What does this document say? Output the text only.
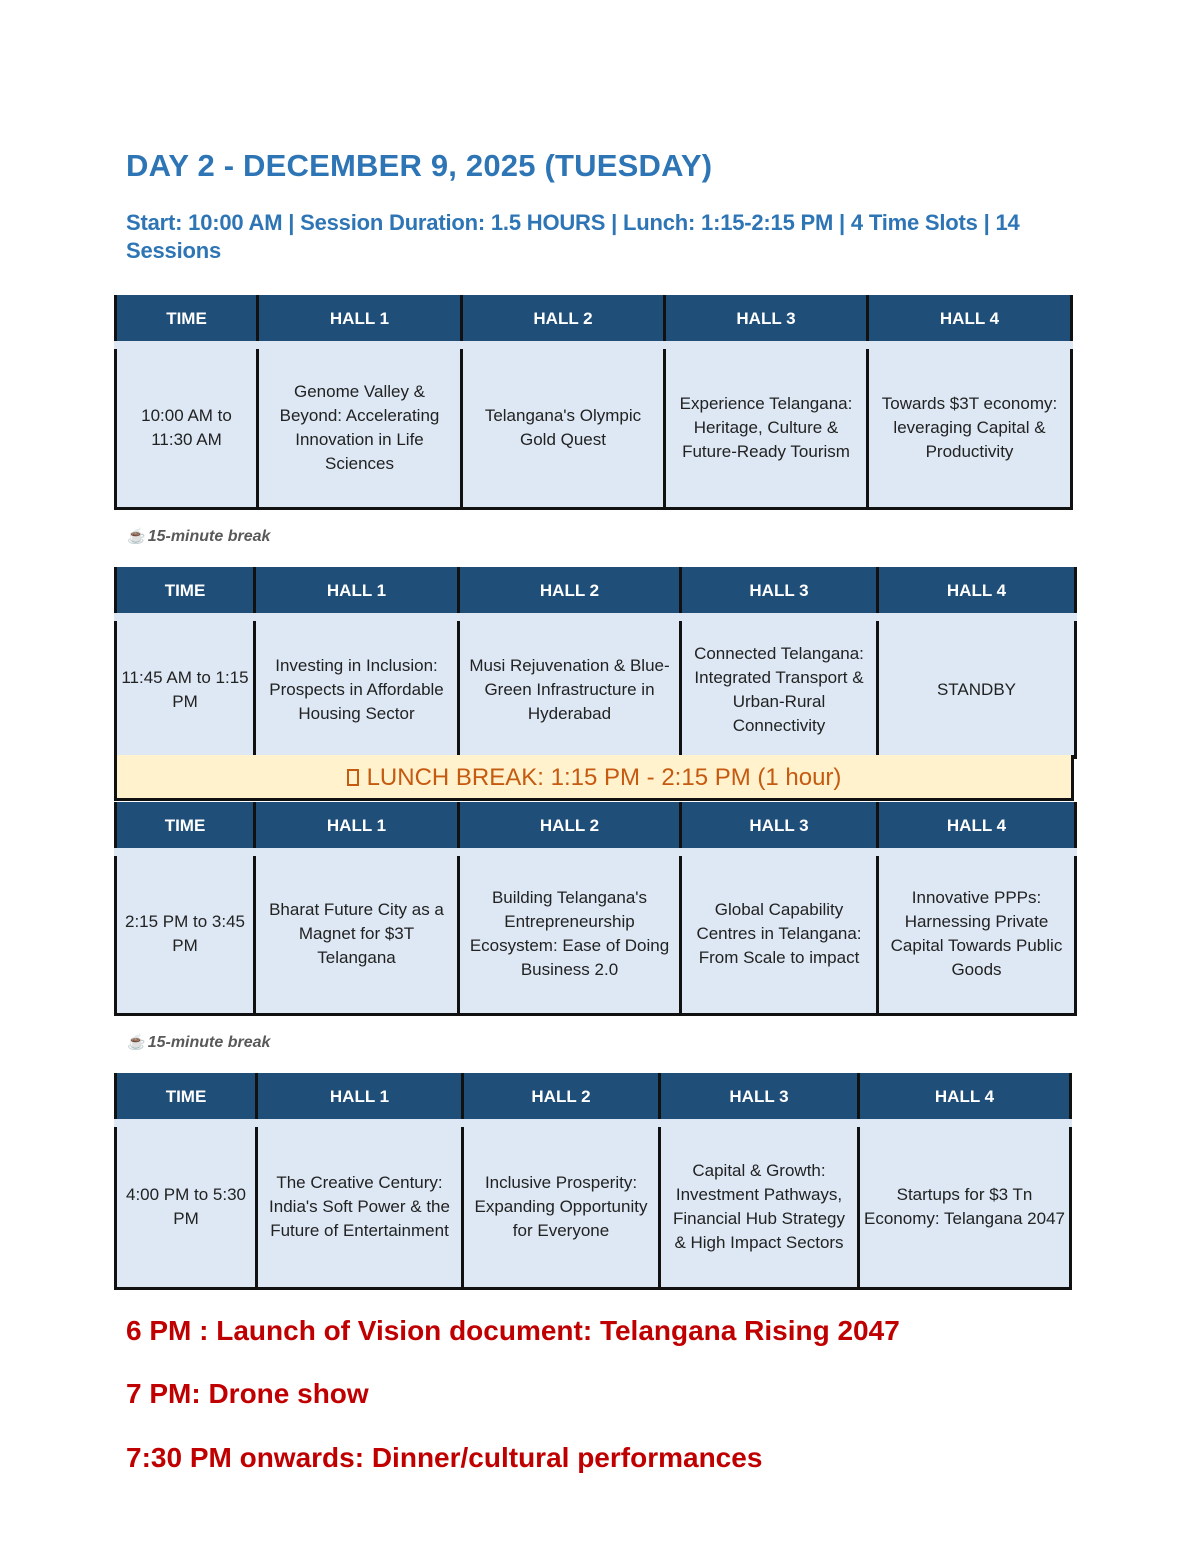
DAY 2 - DECEMBER 9, 2025 (TUESDAY)

Start: 10:00 AM | Session Duration: 1.5 HOURS | Lunch: 1:15-2:15 PM | 4 Time Slots | 14 Sessions

TIME	HALL 1	HALL 2	HALL 3	HALL 4
10:00 AM to 11:30 AM	Genome Valley & Beyond: Accelerating Innovation in Life Sciences	Telangana's Olympic Gold Quest	Experience Telangana: Heritage, Culture & Future-Ready Tourism	Towards $3T economy: leveraging Capital & Productivity
☕ 15-minute break
TIME	HALL 1	HALL 2	HALL 3	HALL 4
11:45 AM to 1:15 PM	Investing in Inclusion: Prospects in Affordable Housing Sector	Musi Rejuvenation & Blue-Green Infrastructure in Hyderabad	Connected Telangana: Integrated Transport & Urban-Rural Connectivity	STANDBY
LUNCH BREAK: 1:15 PM - 2:15 PM (1 hour)
TIME	HALL 1	HALL 2	HALL 3	HALL 4
2:15 PM to 3:45 PM	Bharat Future City as a Magnet for $3T Telangana	Building Telangana's Entrepreneurship Ecosystem: Ease of Doing Business 2.0	Global Capability Centres in Telangana: From Scale to impact	Innovative PPPs: Harnessing Private Capital Towards Public Goods
☕ 15-minute break
TIME	HALL 1	HALL 2	HALL 3	HALL 4
4:00 PM to 5:30 PM	The Creative Century: India's Soft Power & the Future of Entertainment	Inclusive Prosperity: Expanding Opportunity for Everyone	Capital & Growth: Investment Pathways, Financial Hub Strategy & High Impact Sectors	Startups for $3 Tn Economy: Telangana 2047

6 PM : Launch of Vision document: Telangana Rising 2047

7 PM: Drone show

7:30 PM onwards: Dinner/cultural performances
